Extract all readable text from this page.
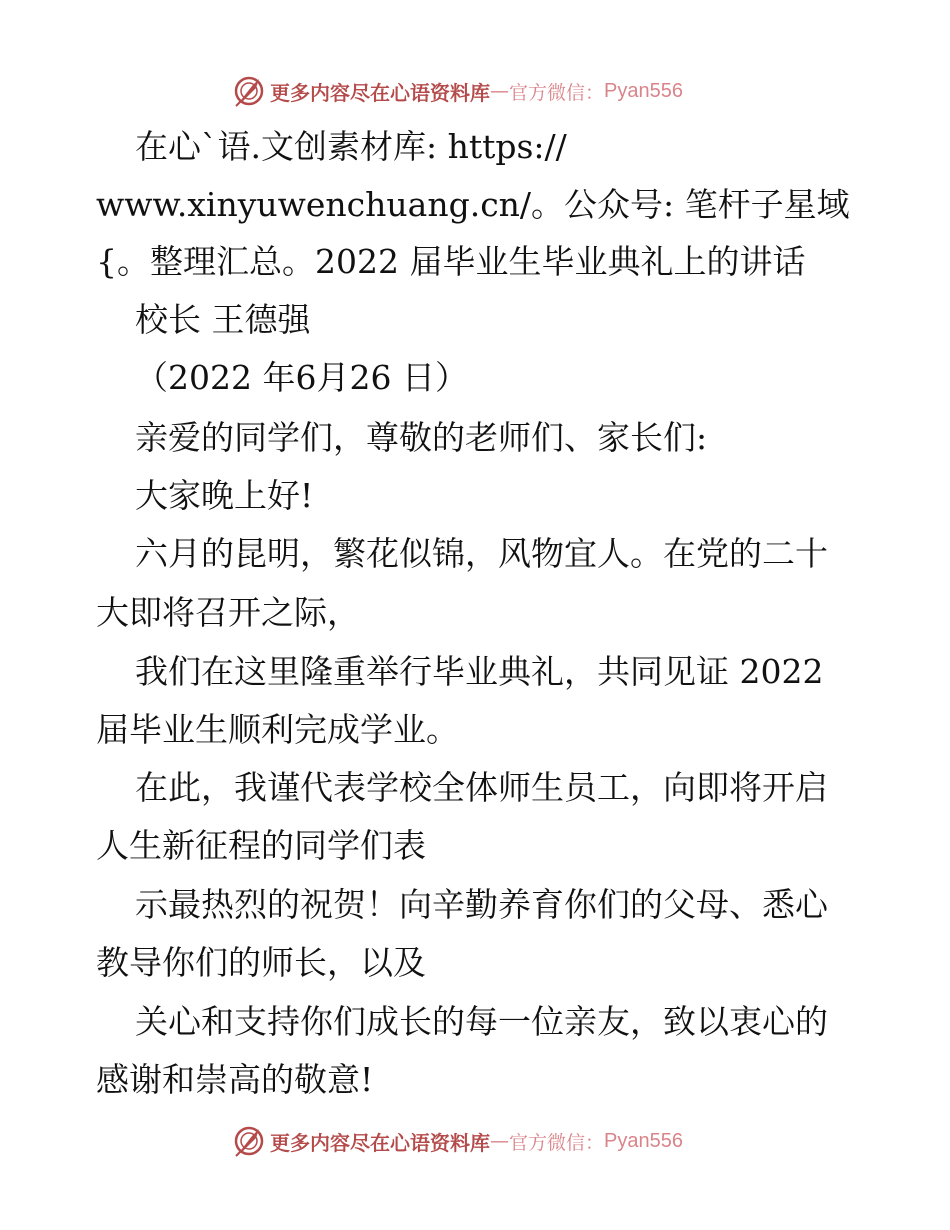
更多内容尽在心语资料库 — 官方微信： Pyan556
在心`语.文创素材库: https://
www.xinyuwenchuang.cn/。公众号: 笔杆子星域
{。整理汇总。2022 届毕业生毕业典礼上的讲话
校长 王德强
（2022 年6月26 日）
亲爱的同学们，尊敬的老师们、家长们:
大家晚上好!
六月的昆明，繁花似锦，风物宜人。在党的二十
大即将召开之际，
我们在这里隆重举行毕业典礼，共同见证 2022
届毕业生顺利完成学业。
在此，我谨代表学校全体师生员工，向即将开启
人生新征程的同学们表
示最热烈的祝贺！向辛勤养育你们的父母、悉心
教导你们的师长，以及
关心和支持你们成长的每一位亲友，致以衷心的
感谢和崇高的敬意!
更多内容尽在心语资料库 — 官方微信： Pyan556
